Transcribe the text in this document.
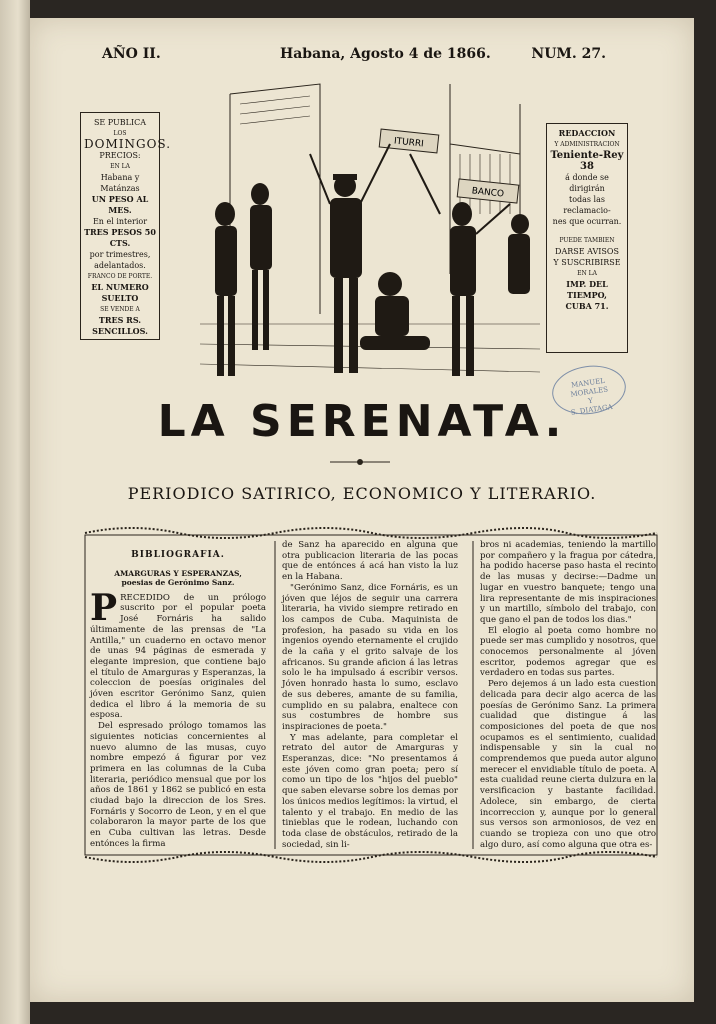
AÑO II.	Habana, Agosto 4 de 1866.	NUM. 27.
SE PUBLICA
LOS
DOMINGOS.
PRECIOS:
EN LA
Habana y Matánzas
UN PESO AL MES.
En el interior
TRES PESOS 50 CTS.
por trimestres, adelantados.
FRANCO DE PORTE.
EL NUMERO SUELTO
SE VENDE A
TRES RS. SENCILLOS.
REDACCION
Y ADMINISTRACION
Teniente-Rey 38
á donde se dirigirán
todas las reclamacio-
nes que ocurran.
PUEDE TAMBIEN
DARSE AVISOS
Y SUSCRIBIRSE
EN LA
IMP. DEL TIEMPO,
CUBA 71.
ITURRI
BANCO
MANUEL MORALES
Y
S. DIATAGA
LA SERENATA.
PERIODICO SATIRICO, ECONOMICO Y LITERARIO.
BIBLIOGRAFIA.
AMARGURAS Y ESPERANZAS,
poesias de Gerónimo Sanz.

PRECEDIDO de un prólogo suscrito por el popular poeta José Fornáris ha salido últimamente de las prensas de "La Antilla," un cuaderno en octavo menor de unas 94 páginas de esmerada y elegante impresion, que contiene bajo el título de Amarguras y Esperanzas, la coleccion de poesías originales del jóven escritor Gerónimo Sanz, quien dedica el libro á la memoria de su esposa.

Del espresado prólogo tomamos las siguientes noticias concernientes al nuevo alumno de las musas, cuyo nombre empezó á figurar por vez primera en las columnas de la Cuba literaria, periódico mensual que por los años de 1861 y 1862 se publicó en esta ciudad bajo la direccion de los Sres. Fornáris y Socorro de Leon, y en el que colaboraron la mayor parte de los que en Cuba cultivan las letras. Desde entónces la firma

de Sanz ha aparecido en alguna que otra publicacion literaria de las pocas que de entónces á acá han visto la luz en la Habana.

"Gerónimo Sanz, dice Fornáris, es un jóven que léjos de seguir una carrera literaria, ha vivido siempre retirado en los campos de Cuba. Maquinista de profesion, ha pasado su vida en los ingenios oyendo eternamente el crujido de la caña y el grito salvaje de los africanos. Su grande aficion á las letras solo le ha impulsado á escribir versos. Jóven honrado hasta lo sumo, esclavo de sus deberes, amante de su familia, cumplido en su palabra, enaltece con sus costumbres de hombre sus inspiraciones de poeta."

Y mas adelante, para completar el retrato del autor de Amarguras y Esperanzas, dice: "No presentamos á este jóven como gran poeta; pero sí como un tipo de los "hijos del pueblo" que saben elevarse sobre los demas por los únicos medios legítimos: la virtud, el talento y el trabajo. En medio de las tinieblas que le rodean, luchando con toda clase de obstáculos, retirado de la sociedad, sin li-

bros ni academias, teniendo la martillo por compañero y la fragua por cátedra, ha podido hacerse paso hasta el recinto de las musas y decirse:—Dadme un lugar en vuestro banquete; tengo una lira representante de mis inspiraciones y un martillo, símbolo del trabajo, con que gano el pan de todos los dias."

El elogio al poeta como hombre no puede ser mas cumplido y nosotros, que conocemos personalmente al jóven escritor, podemos agregar que es verdadero en todas sus partes.

Pero dejemos á un lado esta cuestion delicada para decir algo acerca de las poesías de Gerónimo Sanz. La primera cualidad que distingue á las composiciones del poeta de que nos ocupamos es el sentimiento, cualidad indispensable y sin la cual no comprendemos que pueda autor alguno merecer el envidiable título de poeta. A esta cualidad reune cierta dulzura en la versificacion y bastante facilidad. Adolece, sin embargo, de cierta incorreccion y, aunque por lo general sus versos son armoniosos, de vez en cuando se tropieza con uno que otro algo duro, así como alguna que otra es-
